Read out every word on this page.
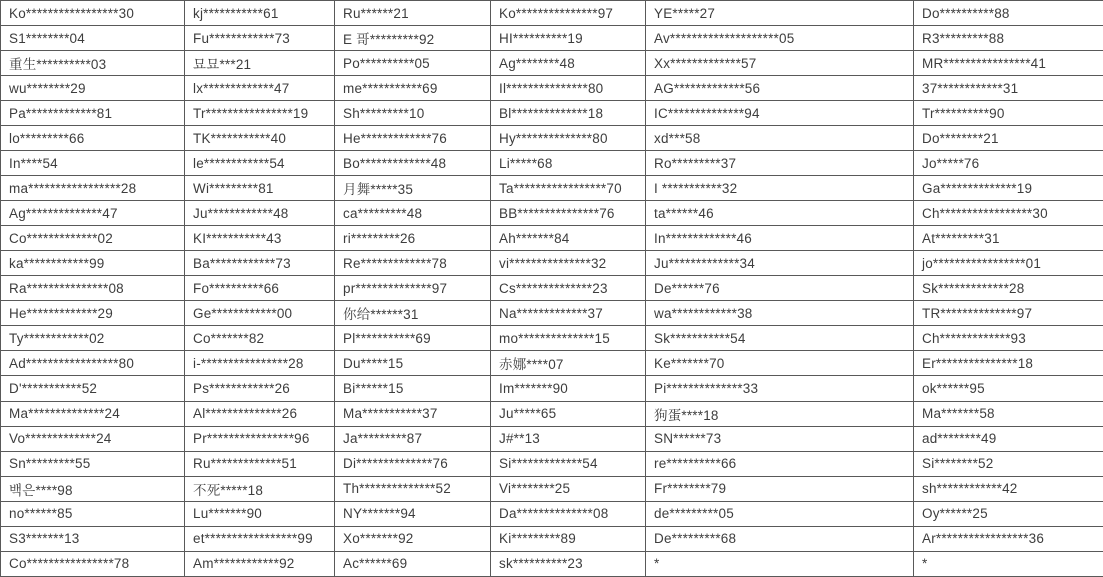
Ko*****************30	kj***********61	Ru******21	Ko***************97	YE*****27	Do**********88
S1********04	Fu************73	E 哥*********92	HI**********19	Av********************05	R3*********88
重生**********03	묘묘***21	Po**********05	Ag********48	Xx*************57	MR****************41
wu********29	lx*************47	me***********69	Il***************80	AG*************56	37************31
Pa*************81	Tr****************19	Sh*********10	Bl**************18	IC**************94	Tr**********90
lo*********66	TK***********40	He*************76	Hy**************80	xd***58	Do********21
In****54	le************54	Bo*************48	Li*****68	Ro*********37	Jo*****76
ma*****************28	Wi*********81	月舞*****35	Ta*****************70	I ***********32	Ga**************19
Ag**************47	Ju************48	ca*********48	BB***************76	ta******46	Ch*****************30
Co*************02	KI***********43	ri*********26	Ah*******84	In*************46	At*********31
ka************99	Ba************73	Re*************78	vi***************32	Ju*************34	jo*****************01
Ra***************08	Fo**********66	pr**************97	Cs**************23	De******76	Sk*************28
He*************29	Ge************00	你给******31	Na*************37	wa************38	TR**************97
Ty************02	Co*******82	Pl***********69	mo**************15	Sk***********54	Ch*************93
Ad*****************80	i-****************28	Du*****15	赤娜****07	Ke*******70	Er***************18
D'***********52	Ps************26	Bi******15	Im*******90	Pi**************33	ok******95
Ma**************24	Al**************26	Ma***********37	Ju*****65	狗蛋****18	Ma*******58
Vo*************24	Pr****************96	Ja*********87	J#**13	SN******73	ad********49
Sn*********55	Ru*************51	Di**************76	Si*************54	re**********66	Si********52
백은****98	不死*****18	Th**************52	Vi********25	Fr********79	sh************42
no******85	Lu*******90	NY*******94	Da**************08	de*********05	Oy******25
S3*******13	et*****************99	Xo*******92	Ki*********89	De*********68	Ar*****************36
Co****************78	Am************92	Ac******69	sk**********23	*	*
